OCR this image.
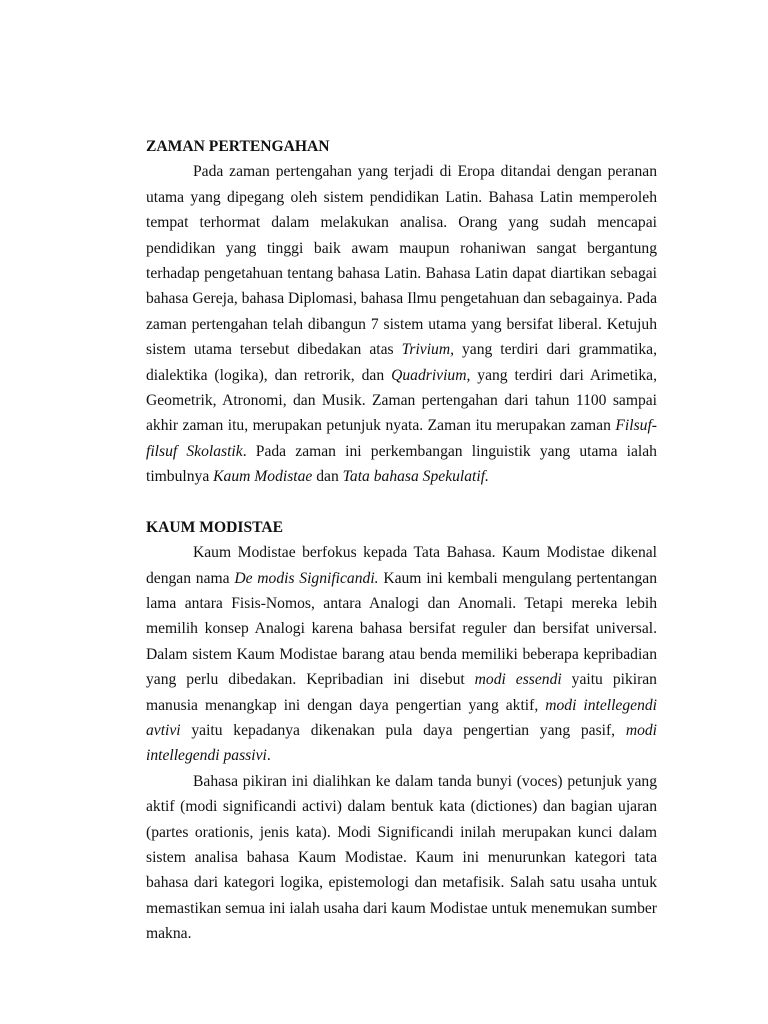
ZAMAN PERTENGAHAN

Pada zaman pertengahan yang terjadi di Eropa ditandai dengan peranan utama yang dipegang oleh sistem pendidikan Latin. Bahasa Latin memperoleh tempat terhormat dalam melakukan analisa. Orang yang sudah mencapai pendidikan yang tinggi baik awam maupun rohaniwan sangat bergantung terhadap pengetahuan tentang bahasa Latin. Bahasa Latin dapat diartikan sebagai bahasa Gereja, bahasa Diplomasi, bahasa Ilmu pengetahuan dan sebagainya. Pada zaman pertengahan telah dibangun 7 sistem utama yang bersifat liberal. Ketujuh sistem utama tersebut dibedakan atas Trivium, yang terdiri dari grammatika, dialektika (logika), dan retrorik, dan Quadrivium, yang terdiri dari Arimetika, Geometrik, Atronomi, dan Musik. Zaman pertengahan dari tahun 1100 sampai akhir zaman itu, merupakan petunjuk nyata. Zaman itu merupakan zaman Filsuf-filsuf Skolastik. Pada zaman ini perkembangan linguistik yang utama ialah timbulnya Kaum Modistae dan Tata bahasa Spekulatif.

KAUM MODISTAE

Kaum Modistae berfokus kepada Tata Bahasa. Kaum Modistae dikenal dengan nama De modis Significandi. Kaum ini kembali mengulang pertentangan lama antara Fisis-Nomos, antara Analogi dan Anomali. Tetapi mereka lebih memilih konsep Analogi karena bahasa bersifat reguler dan bersifat universal. Dalam sistem Kaum Modistae barang atau benda memiliki beberapa kepribadian yang perlu dibedakan. Kepribadian ini disebut modi essendi yaitu pikiran manusia menangkap ini dengan daya pengertian yang aktif, modi intellegendi avtivi yaitu kepadanya dikenakan pula daya pengertian yang pasif, modi intellegendi passivi.

Bahasa pikiran ini dialihkan ke dalam tanda bunyi (voces) petunjuk yang aktif (modi significandi activi) dalam bentuk kata (dictiones) dan bagian ujaran (partes orationis, jenis kata). Modi Significandi inilah merupakan kunci dalam sistem analisa bahasa Kaum Modistae. Kaum ini menurunkan kategori tata bahasa dari kategori logika, epistemologi dan metafisik. Salah satu usaha untuk memastikan semua ini ialah usaha dari kaum Modistae untuk menemukan sumber makna.
